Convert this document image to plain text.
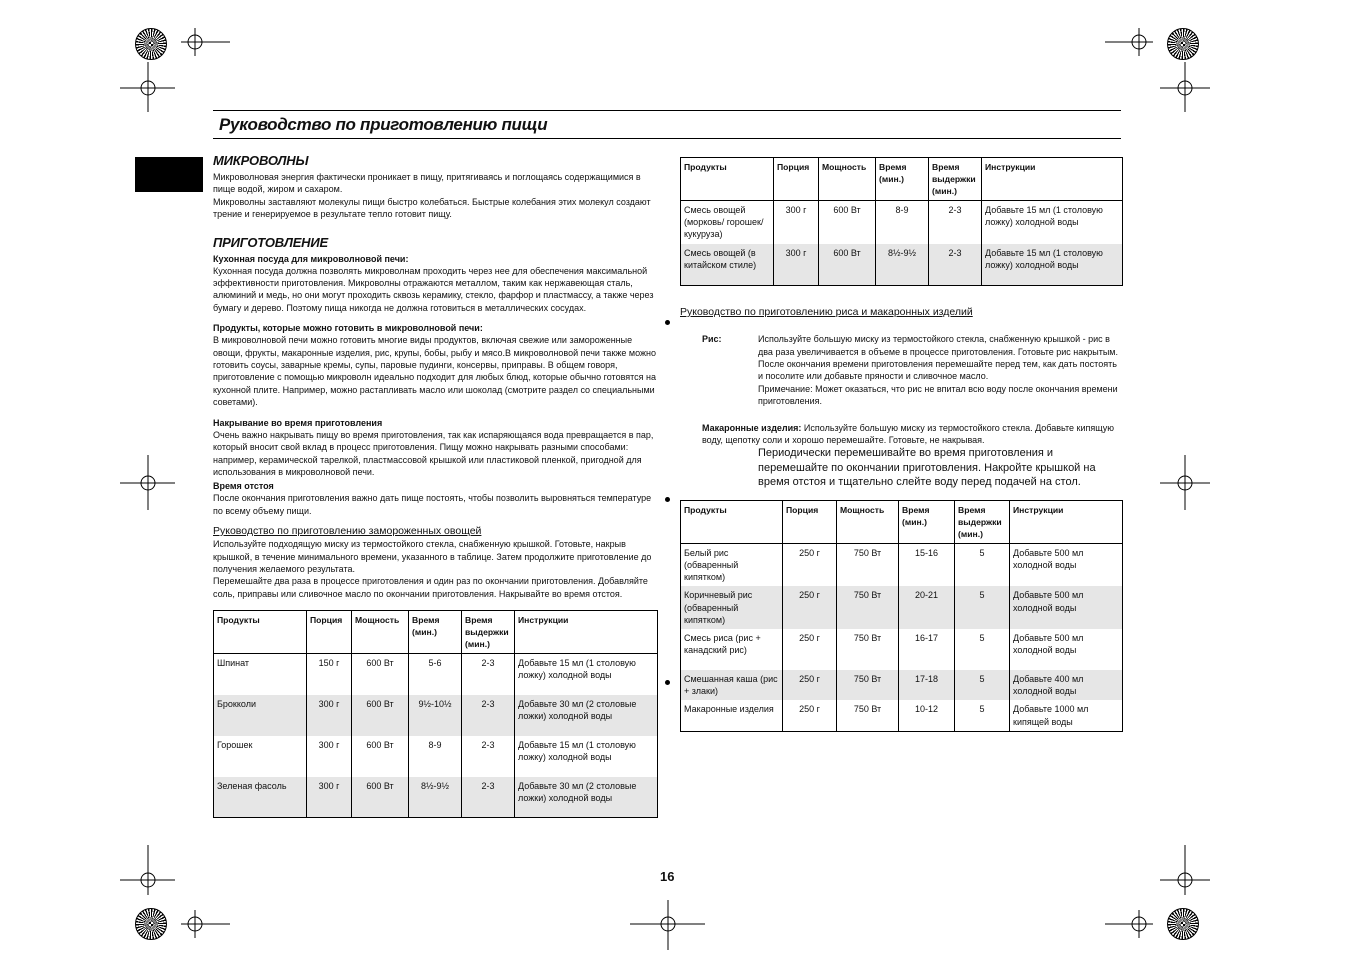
Руководство по приготовлению пищи
МИКРОВОЛНЫ

Микроволновая энергия фактически проникает в пищу, притягиваясь и поглощаясь содержащимися в пище водой, жиром и сахаром.

Микроволны заставляют молекулы пищи быстро колебаться. Быстрые колебания этих молекул создают трение и генерируемое в результате тепло готовит пищу.

ПРИГОТОВЛЕНИЕ
Кухонная посуда для микроволновой печи:

Кухонная посуда должна позволять микроволнам проходить через нее для обеспечения максимальной эффективности приготовления. Микроволны отражаются металлом, таким как нержавеющая сталь, алюминий и медь, но они могут проходить сквозь керамику, стекло, фарфор и пластмассу, а также через бумагу и дерево. Поэтому пища никогда не должна готовиться в металлических сосудах.

Продукты, которые можно готовить в микроволновой печи:

В микроволновой печи можно готовить многие виды продуктов, включая свежие или замороженные овощи, фрукты, макаронные изделия, рис, крупы, бобы, рыбу и мясо.В микроволновой печи также можно готовить соусы, заварные кремы, супы, паровые пудинги, консервы, приправы. В общем говоря, приготовление с помощью микроволн идеально подходит для любых блюд, которые обычно готовятся на кухонной плите. Например, можно растапливать масло или шоколад (смотрите раздел со специальными советами).

Накрывание во время приготовления

Очень важно накрывать пищу во время приготовления, так как испаряющаяся вода превращается в пар, который вносит свой вклад в процесс приготовления. Пищу можно накрывать разными способами: например, керамической тарелкой, пластмассовой крышкой или пластиковой пленкой, пригодной для использования в микроволновой печи.

Время отстоя

После окончания приготовления важно дать пище постоять, чтобы позволить выровняться температуре по всему объему пищи.

Руководство по приготовлению замороженных овощей

Используйте подходящую миску из термостойкого стекла, снабженную крышкой. Готовьте, накрыв крышкой, в течение минимального времени, указанного в таблице. Затем продолжите приготовление до получения желаемого результата.

Перемешайте два раза в процессе приготовления и один раз по окончании приготовления. Добавляйте соль, приправы или сливочное масло по окончании приготовления. Накрывайте во время отстоя.

Продукты	Порция	Мощность	Время (мин.)	Время выдержки (мин.)	Инструкции
Шпинат	150 г	600 Вт	5-6	2-3	Добавьте 15 мл (1 столовую ложку) холодной воды
Брокколи	300 г	600 Вт	9½-10½	2-3	Добавьте 30 мл (2 столовые ложки) холодной воды
Горошек	300 г	600 Вт	8-9	2-3	Добавьте 15 мл (1 столовую ложку) холодной воды
Зеленая фасоль	300 г	600 Вт	8½-9½	2-3	Добавьте 30 мл (2 столовые ложки) холодной воды
Продукты	Порция	Мощность	Время (мин.)	Время выдержки (мин.)	Инструкции
Смесь овощей (морковь/ горошек/кукуруза)	300 г	600 Вт	8-9	2-3	Добавьте 15 мл (1 столовую ложку) холодной воды
Смесь овощей (в китайском стиле)	300 г	600 Вт	8½-9½	2-3	Добавьте 15 мл (1 столовую ложку) холодной воды
Руководство по приготовлению риса и макаронных изделий
Рис:	Используйте большую миску из термостойкого стекла, снабженную крышкой - рис в два раза увеличивается в объеме в процессе приготовления. Готовьте рис накрытым.

После окончания времени приготовления перемешайте перед тем, как дать постоять и посолите или добавьте пряности и сливочное масло.

Примечание: Может оказаться, что рис не впитал всю воду после окончания времени приготовления.

Макаронные изделия: Используйте большую миску из термостойкого стекла. Добавьте кипящую воду, щепотку соли и хорошо перемешайте. Готовьте, не накрывая.

Периодически перемешивайте во время приготовления и перемешайте по окончании приготовления. Накройте крышкой на время отстоя и тщательно слейте воду перед подачей на стол.

Продукты	Порция	Мощность	Время (мин.)	Время выдержки (мин.)	Инструкции
Белый рис (обваренный кипятком)	250 г	750 Вт	15-16	5	Добавьте 500 мл холодной воды
Коричневый рис (обваренный кипятком)	250 г	750 Вт	20-21	5	Добавьте 500 мл холодной воды
Смесь риса (рис + канадский рис)	250 г	750 Вт	16-17	5	Добавьте 500 мл холодной воды
Смешанная каша (рис + злаки)	250 г	750 Вт	17-18	5	Добавьте 400 мл холодной воды
Макаронные изделия	250 г	750 Вт	10-12	5	Добавьте 1000 мл кипящей воды
16
